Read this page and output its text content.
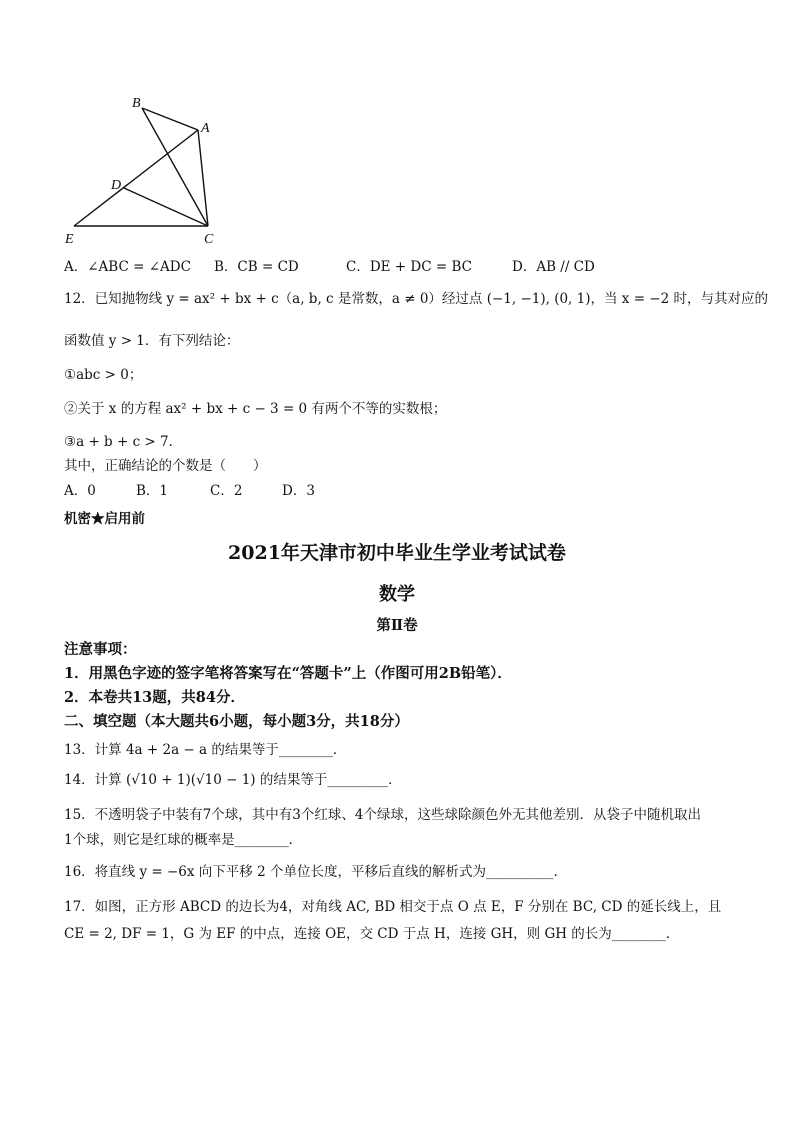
B
A
D
E	C
A．∠ABC = ∠ADC B．CB = CD	C．DE + DC = BC	D．AB // CD
12．已知抛物线 y = ax² + bx + c（a, b, c 是常数，a ≠ 0）经过点 (−1, −1), (0, 1)，当 x = −2 时，与其对应的
函数值 y > 1．有下列结论：
①abc > 0；
②关于 x 的方程 ax² + bx + c − 3 = 0 有两个不等的实数根；
③a + b + c > 7．
其中，正确结论的个数是（　　）
A．0	B．1	C．2	D．3
机密★启用前
2021年天津市初中毕业生学业考试试卷
数学
第Ⅱ卷
注意事项：
1．用黑色字迹的签字笔将答案写在“答题卡”上（作图可用2B铅笔）．
2．本卷共13题，共84分．
二、填空题（本大题共6小题，每小题3分，共18分）
13．计算 4a + 2a − a 的结果等于________．
14．计算 (√10 + 1)(√10 − 1) 的结果等于_________．
15．不透明袋子中装有7个球，其中有3个红球、4个绿球，这些球除颜色外无其他差别．从袋子中随机取出
1个球，则它是红球的概率是________．
16．将直线 y = −6x 向下平移 2 个单位长度，平移后直线的解析式为__________．
17．如图，正方形 ABCD 的边长为4，对角线 AC, BD 相交于点 O 点 E，F 分别在 BC, CD 的延长线上，且
CE = 2, DF = 1，G 为 EF 的中点，连接 OE，交 CD 于点 H，连接 GH，则 GH 的长为________．
